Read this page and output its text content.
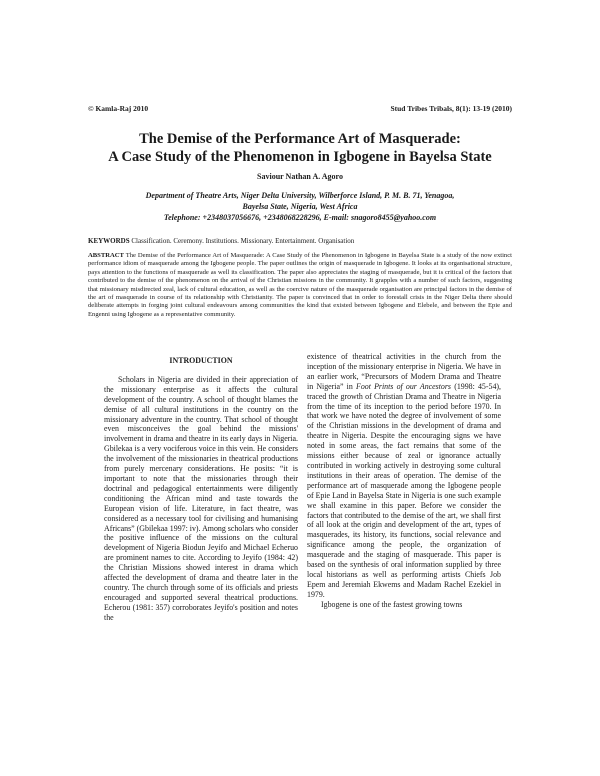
© Kamla-Raj 2010	Stud Tribes Tribals, 8(1): 13-19 (2010)
The Demise of the Performance Art of Masquerade:
A Case Study of the Phenomenon in Igbogene in Bayelsa State
Saviour Nathan A. Agoro
Department of Theatre Arts, Niger Delta University, Wilberforce Island, P. M. B. 71, Yenagoa,
Bayelsa State, Nigeria, West Africa
Telephone: +2348037056676, +2348068228296, E-mail: snagoro8455@yahoo.com
KEYWORDS Classification. Ceremony. Institutions. Missionary. Entertainment. Organisation
ABSTRACT The Demise of the Performance Art of Masquerade: A Case Study of the Phenomenon in Igbogene in Bayelsa State is a study of the now extinct performance idiom of masquerade among the Igbogene people. The paper outlines the origin of masquerade in Igbogene. It looks at its organisational structure, pays attention to the functions of masquerade as well its classification. The paper also appreciates the staging of masquerade, but it is critical of the factors that contributed to the demise of the phenomenon on the arrival of the Christian missions in the community. It grapples with a number of such factors, suggesting that missionary misdirected zeal, lack of cultural education, as well as the coercive nature of the masquerade organisation are principal factors in the demise of the art of masquerade in course of its relationship with Christianity. The paper is convinced that in order to forestall crisis in the Niger Delta there should deliberate attempts in forging joint cultural endeavours among communities the kind that existed between Igbogene and Elebele, and between the Epie and Engenni using Igbogene as a representative community.
INTRODUCTION

Scholars in Nigeria are divided in their appreciation of the missionary enterprise as it affects the cultural development of the country. A school of thought blames the demise of all cultural institutions in the country on the missionary adventure in the country. That school of thought even misconceives the goal behind the missions' involvement in drama and theatre in its early days in Nigeria. Gbilekaa is a very vociferous voice in this vein. He considers the involvement of the missionaries in theatrical productions from purely mercenary considerations. He posits: “it is important to note that the missionaries through their doctrinal and pedagogical entertainments were diligently conditioning the African mind and taste towards the European vision of life. Literature, in fact theatre, was considered as a necessary tool for civilising and humanising Africans” (Gbilekaa 1997: iv). Among scholars who consider the positive influence of the missions on the cultural development of Nigeria Biodun Jeyifo and Michael Echeruo are prominent names to cite. According to Jeyifo (1984: 42) the Christian Missions showed interest in drama which affected the development of drama and theatre later in the country. The church through some of its officials and priests encouraged and supported several theatrical productions. Echerou (1981: 357) corroborates Jeyifo's position and notes the

existence of theatrical activities in the church from the inception of the missionary enterprise in Nigeria. We have in an earlier work, “Precursors of Modern Drama and Theatre in Nigeria” in Foot Prints of our Ancestors (1998: 45-54), traced the growth of Christian Drama and Theatre in Nigeria from the time of its inception to the period before 1970. In that work we have noted the degree of involvement of some of the Christian missions in the development of drama and theatre in Nigeria. Despite the encouraging signs we have noted in some areas, the fact remains that some of the missions either because of zeal or ignorance actually contributed in working actively in destroying some cultural institutions in their areas of operation. The demise of the performance art of masquerade among the Igbogene people of Epie Land in Bayelsa State in Nigeria is one such example we shall examine in this paper. Before we consider the factors that contributed to the demise of the art, we shall first of all look at the origin and development of the art, types of masquerades, its history, its functions, social relevance and significance among the people, the organization of masquerade and the staging of masquerade. This paper is based on the synthesis of oral information supplied by three local historians as well as performing artists Chiefs Job Epem and Jeremiah Ekwems and Madam Rachel Ezekiel in 1979.

Igbogene is one of the fastest growing towns
